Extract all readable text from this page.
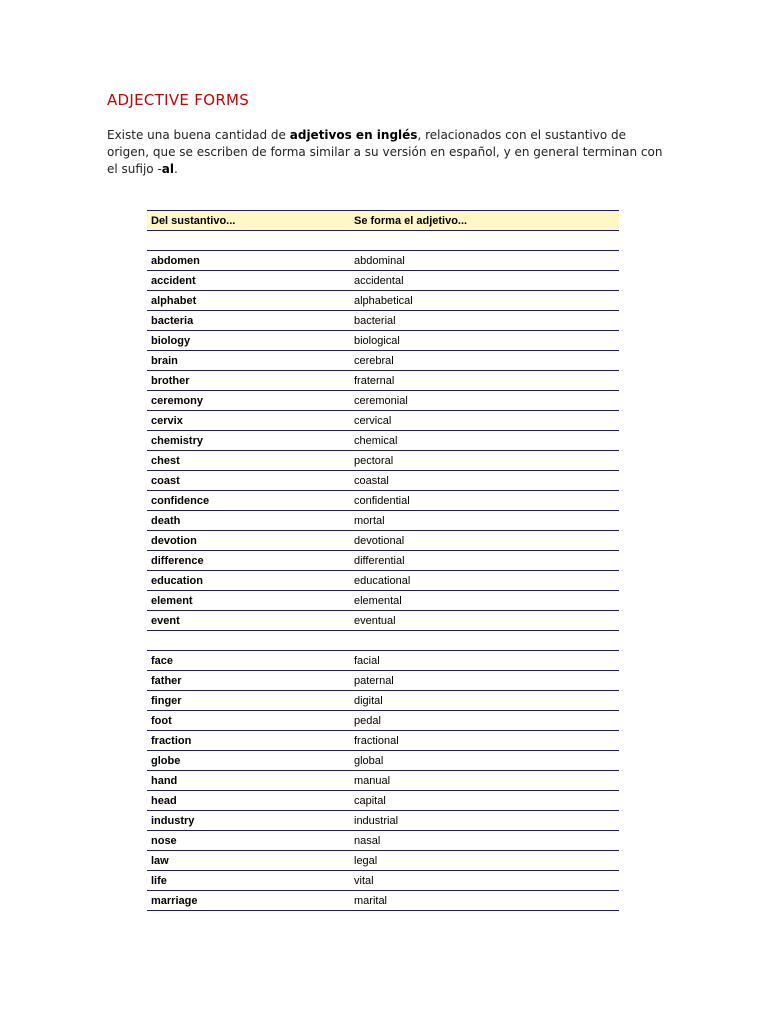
ADJECTIVE FORMS
Existe una buena cantidad de adjetivos en inglés, relacionados con el sustantivo de origen, que se escriben de forma similar a su versión en español, y en general terminan con el sufijo -al.
Del sustantivo...	Se forma el adjetivo...

abdomen	abdominal
accident	accidental
alphabet	alphabetical
bacteria	bacterial
biology	biological
brain	cerebral
brother	fraternal
ceremony	ceremonial
cervix	cervical
chemistry	chemical
chest	pectoral
coast	coastal
confidence	confidential
death	mortal
devotion	devotional
difference	differential
education	educational
element	elemental
event	eventual

face	facial
father	paternal
finger	digital
foot	pedal
fraction	fractional
globe	global
hand	manual
head	capital
industry	industrial
nose	nasal
law	legal
life	vital
marriage	marital
